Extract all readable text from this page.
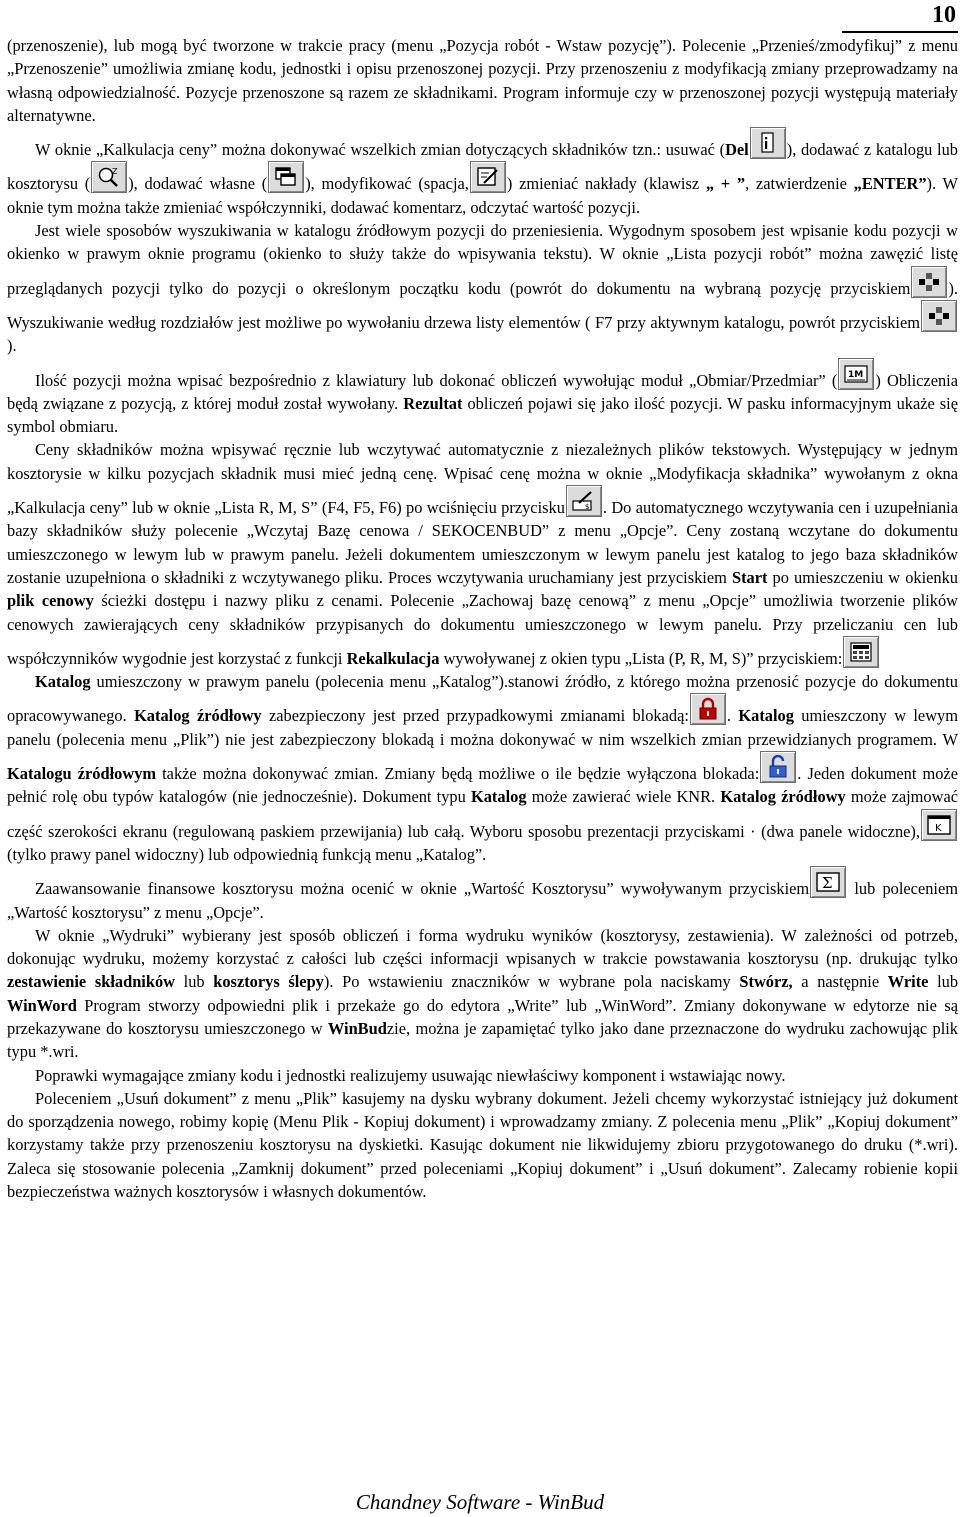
10

(przenoszenie), lub mogą być tworzone w trakcie pracy (menu „Pozycja robót - Wstaw pozycję”). Polecenie „Przenieś/zmodyfikuj” z menu „Przenoszenie” umożliwia zmianę kodu, jednostki i opisu przenoszonej pozycji. Przy przenoszeniu z modyfikacją zmiany przeprowadzamy na własną odpowiedzialność. Pozycje przenoszone są razem ze składnikami. Program informuje czy w przenoszonej pozycji występują materiały alternatywne.

W oknie „Kalkulacja ceny” można dokonywać wszelkich zmian dotyczących składników tzn.: usuwać (Del ), dodawać z katalogu lub kosztorysu (
Z
), dodawać własne ( ), modyfikować (spacja, ) zmieniać nakłady (klawisz „ + ”, zatwierdzenie „ENTER”). W oknie tym można także zmieniać współczynniki, dodawać komentarz, odczytać wartość pozycji.

Jest wiele sposobów wyszukiwania w katalogu źródłowym pozycji do przeniesienia. Wygodnym sposobem jest wpisanie kodu pozycji w okienko w prawym oknie programu (okienko to służy także do wpisywania tekstu). W oknie „Lista pozycji robót” można zawęzić listę przeglądanych pozycji tylko do pozycji o określonym początku kodu (powrót do dokumentu na wybraną pozycję przyciskiem ). Wyszukiwanie według rozdziałów jest możliwe po wywołaniu drzewa listy elementów ( F7 przy aktywnym katalogu, powrót przyciskiem
).

Ilość pozycji można wpisać bezpośrednio z klawiatury lub dokonać obliczeń wywołując moduł „Obmiar/Przedmiar” ( 1M ) Obliczenia będą związane z pozycją, z której moduł został wywołany. Rezultat obliczeń pojawi się jako ilość pozycji. W pasku informacyjnym ukaże się symbol obmiaru.

Ceny składników można wpisywać ręcznie lub wczytywać automatycznie z niezależnych plików tekstowych. Występujący w jednym kosztorysie w kilku pozycjach składnik musi mieć jedną cenę. Wpisać cenę można w oknie „Modyfikacja składnika” wywołanym z okna „Kalkulacja ceny” lub w oknie „Lista R, M, S” (F4, F5, F6) po wciśnięciu przycisku	$ . Do automatycznego wczytywania cen i uzupełniania bazy składników służy polecenie „Wczytaj Bazę cenowa / SEKOCENBUD” z menu „Opcje”. Ceny zostaną wczytane do dokumentu umieszczonego w lewym lub w prawym panelu. Jeżeli dokumentem umieszczonym w lewym panelu jest katalog to jego baza składników zostanie uzupełniona o składniki z wczytywanego pliku. Proces wczytywania uruchamiany jest przyciskiem Start po umieszczeniu w okienku plik cenowy ścieżki dostępu i nazwy pliku z cenami. Polecenie „Zachowaj bazę cenową” z menu „Opcje” umożliwia tworzenie plików cenowych zawierających ceny składników przypisanych do dokumentu umieszczonego w lewym panelu. Przy przeliczaniu cen lub współczynników wygodnie jest korzystać z funkcji Rekalkulacja wywoływanej z okien typu „Lista (P, R, M, S)” przyciskiem:

Katalog umieszczony w prawym panelu (polecenia menu „Katalog”).stanowi źródło, z którego można przenosić pozycje do dokumentu opracowywanego. Katalog źródłowy zabezpieczony jest przed przypadkowymi zmianami blokadą: . Katalog umieszczony w lewym panelu (polecenia menu „Plik”) nie jest zabezpieczony blokadą i można dokonywać w nim wszelkich zmian przewidzianych programem. W Katalogu źródłowym także można dokonywać zmian. Zmiany będą możliwe o ile będzie wyłączona blokada: . Jeden dokument może pełnić rolę obu typów katalogów (nie jednocześnie). Dokument typu Katalog może zawierać wiele KNR. Katalog źródłowy może zajmować część szerokości ekranu (regulowaną paskiem przewijania) lub całą. Wyboru sposobu prezentacji przyciskami · (dwa panele widoczne), K
(tylko prawy panel widoczny) lub odpowiednią funkcją menu „Katalog”.

Zaawansowanie finansowe kosztorysu można ocenić w oknie „Wartość Kosztorysu” wywoływanym przyciskiem Σ lub poleceniem „Wartość kosztorysu” z menu „Opcje”.

W oknie „Wydruki” wybierany jest sposób obliczeń i forma wydruku wyników (kosztorysy, zestawienia). W zależności od potrzeb, dokonując wydruku, możemy korzystać z całości lub części informacji wpisanych w trakcie powstawania kosztorysu (np. drukując tylko zestawienie składników lub kosztorys ślepy). Po wstawieniu znaczników w wybrane pola naciskamy Stwórz, a następnie Write lub WinWord Program stworzy odpowiedni plik i przekaże go do edytora „Write” lub „WinWord”. Zmiany dokonywane w edytorze nie są przekazywane do kosztorysu umieszczonego w WinBudzie, można je zapamiętać tylko jako dane przeznaczone do wydruku zachowując plik typu *.wri.

Poprawki wymagające zmiany kodu i jednostki realizujemy usuwając niewłaściwy komponent i wstawiając nowy.

Poleceniem „Usuń dokument” z menu „Plik” kasujemy na dysku wybrany dokument. Jeżeli chcemy wykorzystać istniejący już dokument do sporządzenia nowego, robimy kopię (Menu Plik - Kopiuj dokument) i wprowadzamy zmiany. Z polecenia menu „Plik” „Kopiuj dokument” korzystamy także przy przenoszeniu kosztorysu na dyskietki. Kasując dokument nie likwidujemy zbioru przygotowanego do druku (*.wri). Zaleca się stosowanie polecenia „Zamknij dokument” przed poleceniami „Kopiuj dokument” i „Usuń dokument”. Zalecamy robienie kopii bezpieczeństwa ważnych kosztorysów i własnych dokumentów.

Chandney Software - WinBud
